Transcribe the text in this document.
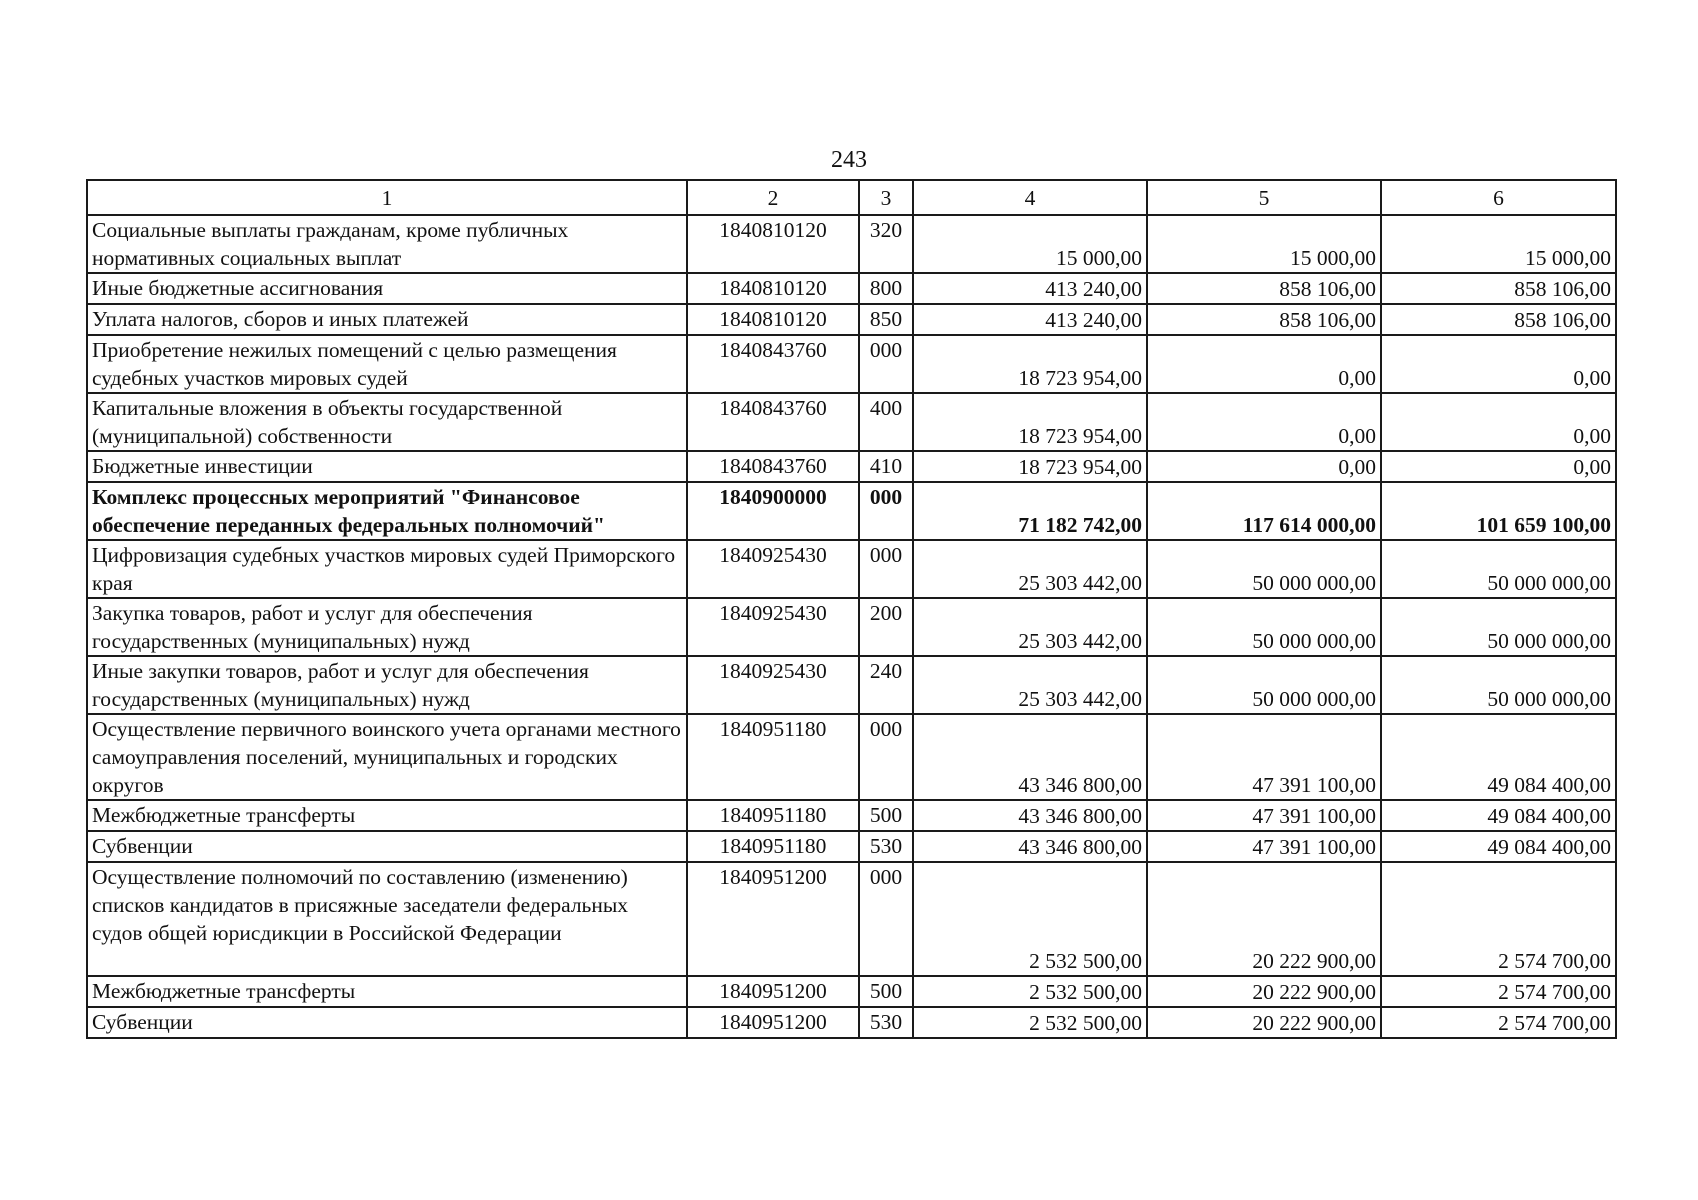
243
1	2	3	4	5	6
Социальные выплаты гражданам, кроме публичных нормативных социальных выплат	1840810120	320	15 000,00	15 000,00	15 000,00
Иные бюджетные ассигнования	1840810120	800	413 240,00	858 106,00	858 106,00
Уплата налогов, сборов и иных платежей	1840810120	850	413 240,00	858 106,00	858 106,00
Приобретение нежилых помещений с целью размещения судебных участков мировых судей	1840843760	000	18 723 954,00	0,00	0,00
Капитальные вложения в объекты государственной (муниципальной) собственности	1840843760	400	18 723 954,00	0,00	0,00
Бюджетные инвестиции	1840843760	410	18 723 954,00	0,00	0,00
Комплекс процессных мероприятий "Финансовое обеспечение переданных федеральных полномочий"	1840900000	000	71 182 742,00	117 614 000,00	101 659 100,00
Цифровизация судебных участков мировых судей Приморского края	1840925430	000	25 303 442,00	50 000 000,00	50 000 000,00
Закупка товаров, работ и услуг для обеспечения государственных (муниципальных) нужд	1840925430	200	25 303 442,00	50 000 000,00	50 000 000,00
Иные закупки товаров, работ и услуг для обеспечения государственных (муниципальных) нужд	1840925430	240	25 303 442,00	50 000 000,00	50 000 000,00
Осуществление первичного воинского учета органами местного самоуправления поселений, муниципальных и городских округов	1840951180	000	43 346 800,00	47 391 100,00	49 084 400,00
Межбюджетные трансферты	1840951180	500	43 346 800,00	47 391 100,00	49 084 400,00
Субвенции	1840951180	530	43 346 800,00	47 391 100,00	49 084 400,00
Осуществление полномочий по составлению (изменению) списков кандидатов в присяжные заседатели федеральных судов общей юрисдикции в Российской Федерации	1840951200	000	2 532 500,00	20 222 900,00	2 574 700,00
Межбюджетные трансферты	1840951200	500	2 532 500,00	20 222 900,00	2 574 700,00
Субвенции	1840951200	530	2 532 500,00	20 222 900,00	2 574 700,00
